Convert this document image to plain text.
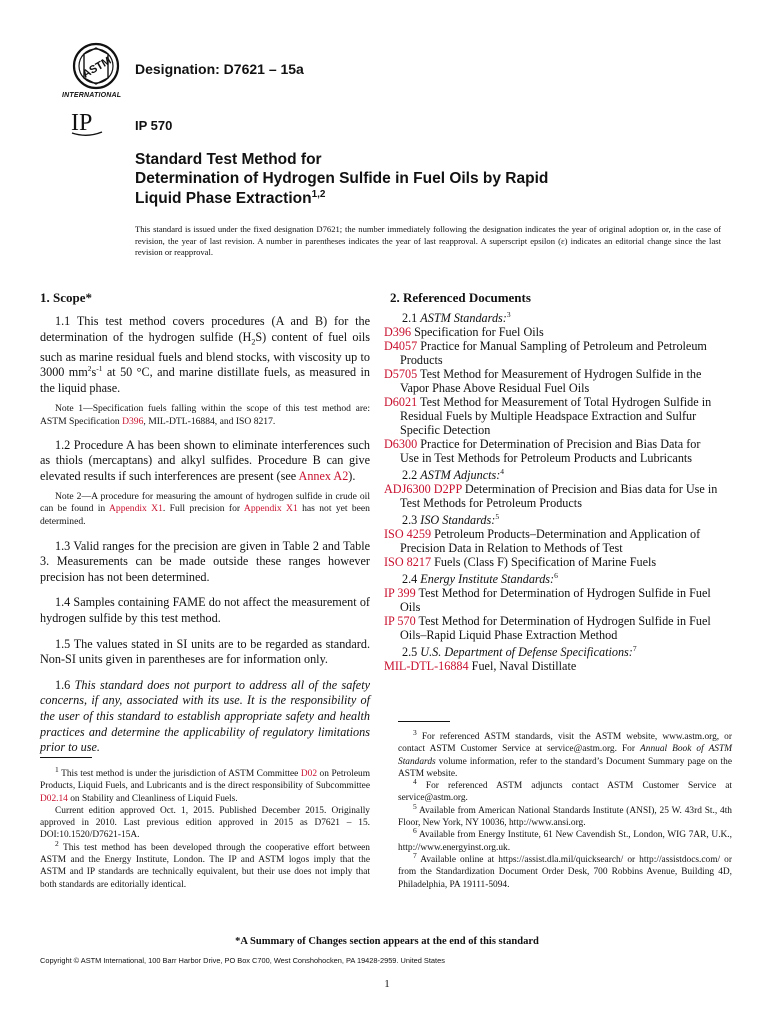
ASTM
INTERNATIONAL
Designation: D7621 – 15a
IP	IP 570
Standard Test Method for
Determination of Hydrogen Sulfide in Fuel Oils by Rapid
Liquid Phase Extraction$^{1,2}$
This standard is issued under the fixed designation D7621; the number immediately following the designation indicates the year of original adoption or, in the case of revision, the year of last revision. A number in parentheses indicates the year of last reapproval. A superscript epsilon (ε) indicates an editorial change since the last revision or reapproval.
1. Scope*
1.1 This test method covers procedures (A and B) for the determination of the hydrogen sulfide $(H_2S)$ content of fuel oils such as marine residual fuels and blend stocks, with viscosity up to 3000 $mm^2s^{-1}$ at 50 °C, and marine distillate fuels, as measured in the liquid phase.
Note 1—Specification fuels falling within the scope of this test method are: ASTM Specification D396, MIL-DTL-16884, and ISO 8217.
1.2 Procedure A has been shown to eliminate interferences such as thiols (mercaptans) and alkyl sulfides. Procedure B can give elevated results if such interferences are present (see Annex A2).
Note 2—A procedure for measuring the amount of hydrogen sulfide in crude oil can be found in Appendix X1. Full precision for Appendix X1 has not yet been determined.
1.3 Valid ranges for the precision are given in Table 2 and Table 3. Measurements can be made outside these ranges however precision has not been determined.
1.4 Samples containing FAME do not affect the measurement of hydrogen sulfide by this test method.
1.5 The values stated in SI units are to be regarded as standard. Non-SI units given in parentheses are for information only.
1.6 This standard does not purport to address all of the safety concerns, if any, associated with its use. It is the responsibility of the user of this standard to establish appropriate safety and health practices and determine the applicability of regulatory limitations prior to use.
$^1$ This test method is under the jurisdiction of ASTM Committee D02 on Petroleum Products, Liquid Fuels, and Lubricants and is the direct responsibility of Subcommittee D02.14 on Stability and Cleanliness of Liquid Fuels.
Current edition approved Oct. 1, 2015. Published December 2015. Originally approved in 2010. Last previous edition approved in 2015 as D7621 – 15. DOI:10.1520/D7621-15A.
$^2$ This test method has been developed through the cooperative effort between ASTM and the Energy Institute, London. The IP and ASTM logos imply that the ASTM and IP standards are technically equivalent, but their use does not imply that both standards are editorially identical.
2. Referenced Documents
2.1 ASTM Standards:$^3$
D396 Specification for Fuel Oils
D4057 Practice for Manual Sampling of Petroleum and Petroleum Products
D5705 Test Method for Measurement of Hydrogen Sulfide in the Vapor Phase Above Residual Fuel Oils
D6021 Test Method for Measurement of Total Hydrogen Sulfide in Residual Fuels by Multiple Headspace Extraction and Sulfur Specific Detection
D6300 Practice for Determination of Precision and Bias Data for Use in Test Methods for Petroleum Products and Lubricants
2.2 ASTM Adjuncts:$^4$
ADJ6300 D2PP Determination of Precision and Bias data for Use in Test Methods for Petroleum Products
2.3 ISO Standards:$^5$
ISO 4259 Petroleum Products–Determination and Application of Precision Data in Relation to Methods of Test
ISO 8217 Fuels (Class F) Specification of Marine Fuels
2.4 Energy Institute Standards:$^6$
IP 399 Test Method for Determination of Hydrogen Sulfide in Fuel Oils
IP 570 Test Method for Determination of Hydrogen Sulfide in Fuel Oils–Rapid Liquid Phase Extraction Method
2.5 U.S. Department of Defense Specifications:$^7$
MIL-DTL-16884 Fuel, Naval Distillate
$^3$ For referenced ASTM standards, visit the ASTM website, www.astm.org, or contact ASTM Customer Service at service@astm.org. For Annual Book of ASTM Standards volume information, refer to the standard’s Document Summary page on the ASTM website.
$^4$ For referenced ASTM adjuncts contact ASTM Customer Service at service@astm.org.
$^5$ Available from American National Standards Institute (ANSI), 25 W. 43rd St., 4th Floor, New York, NY 10036, http://www.ansi.org.
$^6$ Available from Energy Institute, 61 New Cavendish St., London, WIG 7AR, U.K., http://www.energyinst.org.uk.
$^7$ Available online at https://assist.dla.mil/quicksearch/ or http://assistdocs.com/ or from the Standardization Document Order Desk, 700 Robbins Avenue, Building 4D, Philadelphia, PA 19111-5094.
*A Summary of Changes section appears at the end of this standard
Copyright © ASTM International, 100 Barr Harbor Drive, PO Box C700, West Conshohocken, PA 19428-2959. United States
1
